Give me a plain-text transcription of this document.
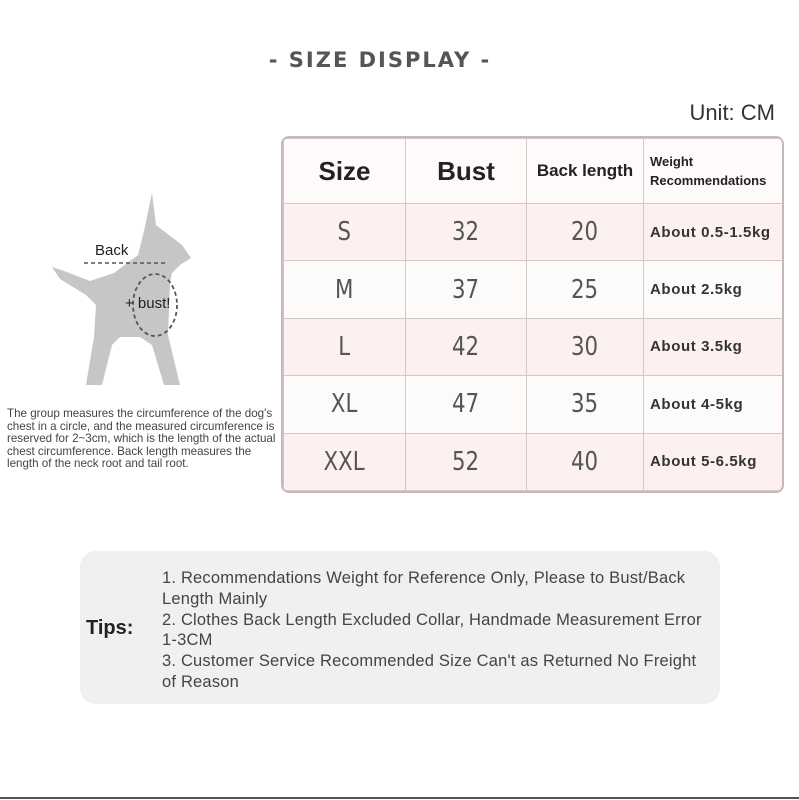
- SIZE DISPLAY -
Unit: CM
Back
+ bust!
The group measures the circumference of the dog's chest in a circle, and the measured circumference is reserved for 2~3cm, which is the length of the actual chest circumference. Back length measures the length of the neck root and tail root.
Size	Bust	Back length	Weight
Recommendations
S	32	20	About 0.5-1.5kg
M	37	25	About 2.5kg
L	42	30	About 3.5kg
XL	47	35	About 4-5kg
XXL	52	40	About 5-6.5kg
Tips:
1. Recommendations Weight for Reference Only, Please to Bust/Back Length Mainly
2. Clothes Back Length Excluded Collar, Handmade Measurement Error 1-3CM
3. Customer Service Recommended Size Can't as Returned No Freight of Reason
